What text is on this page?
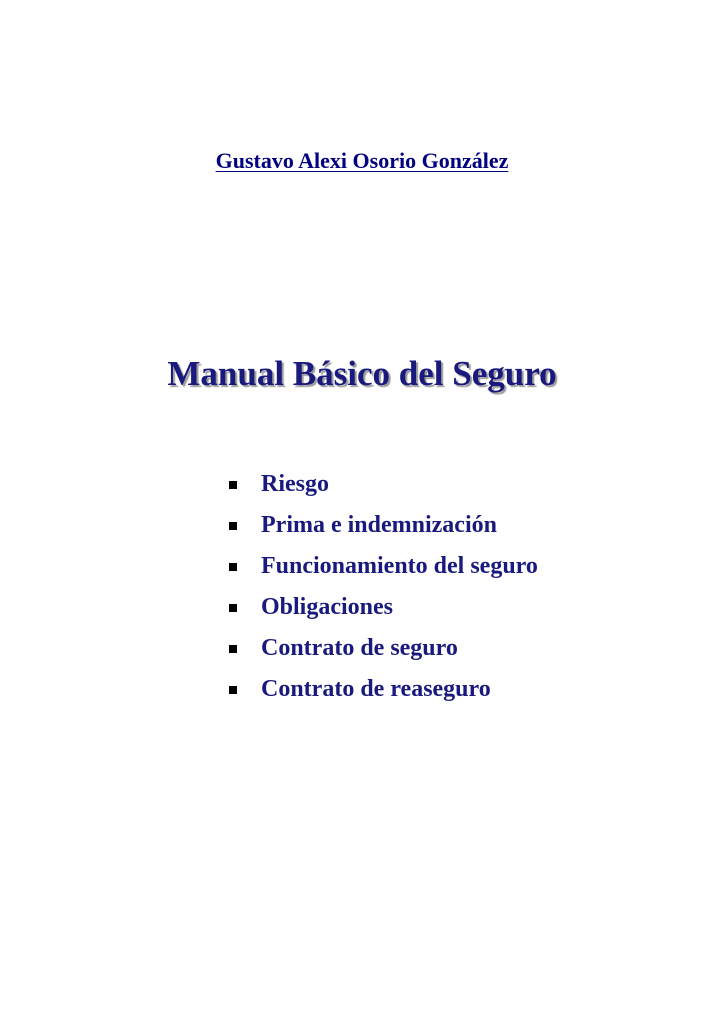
Gustavo Alexi Osorio González
Manual Básico del Seguro
Riesgo
Prima e indemnización
Funcionamiento del seguro
Obligaciones
Contrato de seguro
Contrato de reaseguro
